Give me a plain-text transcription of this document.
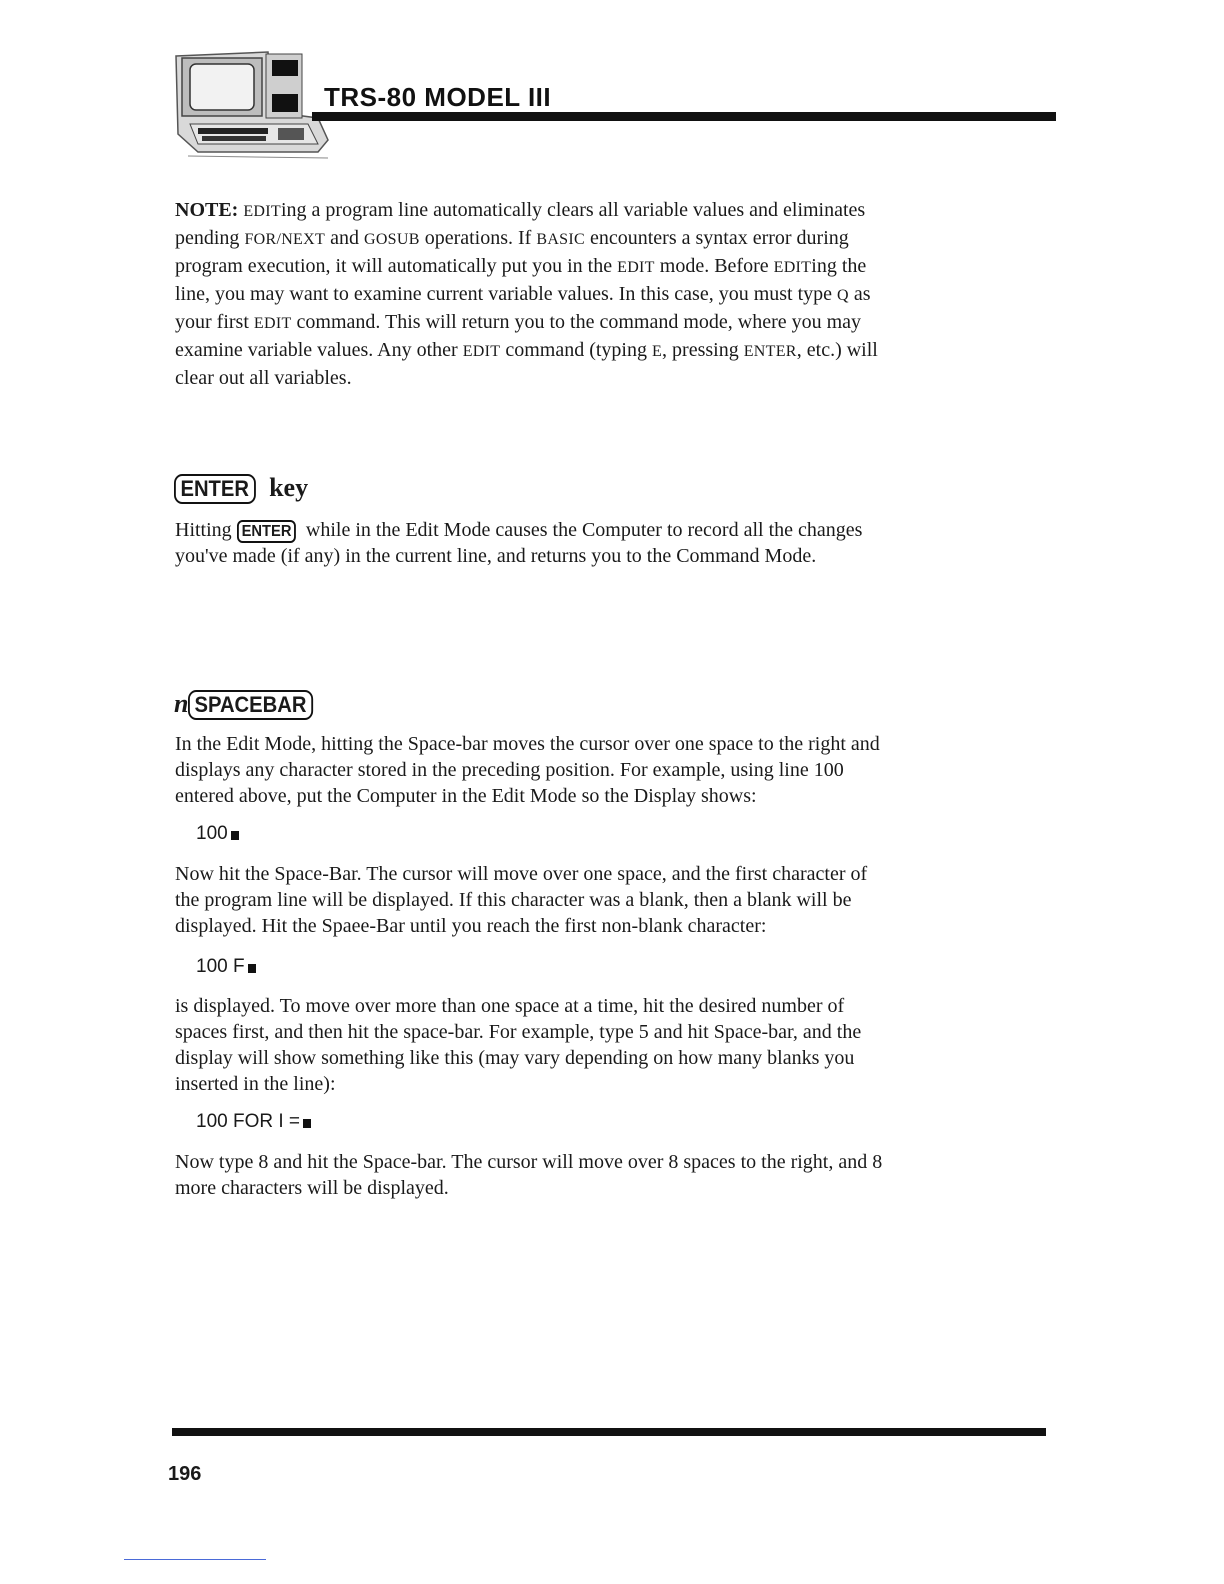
TRS-80 MODEL III

NOTE: EDITing a program line automatically clears all variable values and eliminates pending FOR/NEXT and GOSUB operations. If BASIC encounters a syntax error during program execution, it will automatically put you in the EDIT mode. Before EDITing the line, you may want to examine current variable values. In this case, you must type Q as your first EDIT command. This will return you to the command mode, where you may examine variable values. Any other EDIT command (typing E, pressing ENTER, etc.) will clear out all variables.

ENTER key

Hitting ENTER while in the Edit Mode causes the Computer to record all the changes you've made (if any) in the current line, and returns you to the Command Mode.

n SPACEBAR

In the Edit Mode, hitting the Space-bar moves the cursor over one space to the right and displays any character stored in the preceding position. For example, using line 100 entered above, put the Computer in the Edit Mode so the Display shows:

100

Now hit the Space-Bar. The cursor will move over one space, and the first character of the program line will be displayed. If this character was a blank, then a blank will be displayed. Hit the Spaee-Bar until you reach the first non-blank character:

100 F

is displayed. To move over more than one space at a time, hit the desired number of spaces first, and then hit the space-bar. For example, type 5 and hit Space-bar, and the display will show something like this (may vary depending on how many blanks you inserted in the line):

100 FOR I =

Now type 8 and hit the Space-bar. The cursor will move over 8 spaces to the right, and 8 more characters will be displayed.

196
